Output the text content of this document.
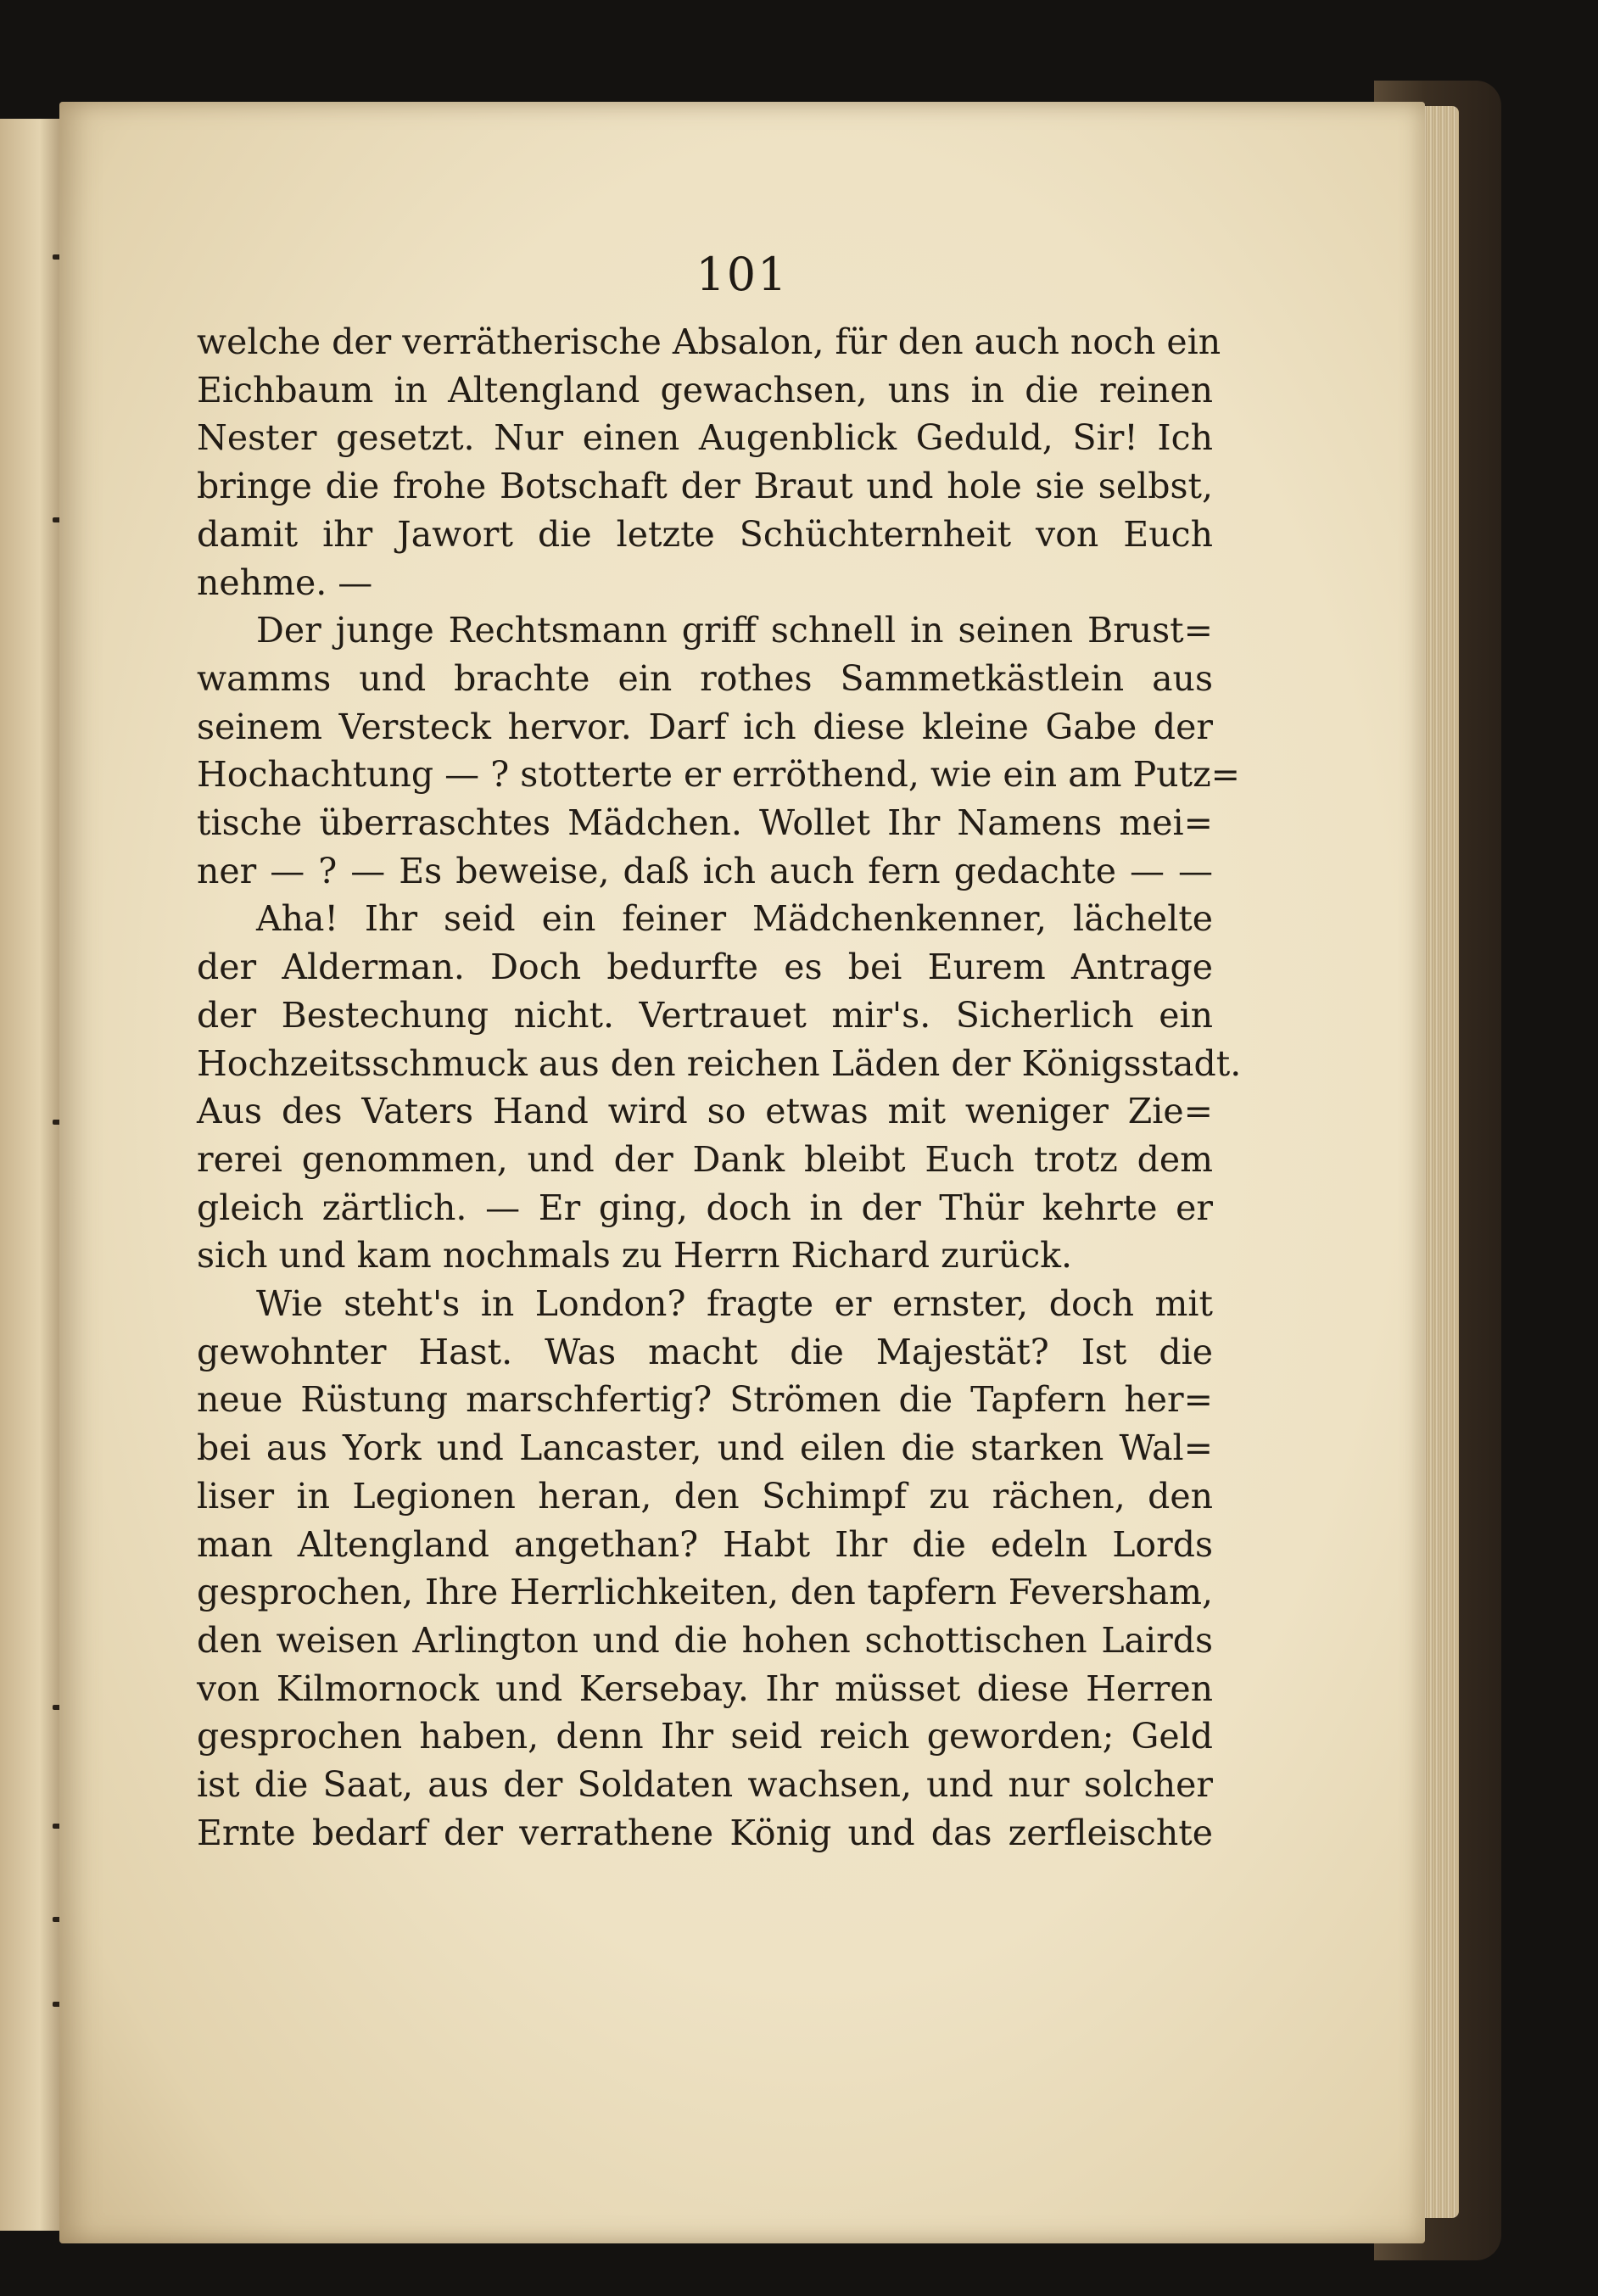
101
welche der verrätherische Absalon, für den auch noch ein
Eichbaum in Altengland gewachsen, uns in die reinen
Nester gesetzt. Nur einen Augenblick Geduld, Sir! Ich
bringe die frohe Botschaft der Braut und hole sie selbst,
damit ihr Jawort die letzte Schüchternheit von Euch
nehme. —
Der junge Rechtsmann griff schnell in seinen Brust=
wamms und brachte ein rothes Sammetkästlein aus
seinem Versteck hervor. Darf ich diese kleine Gabe der
Hochachtung — ? stotterte er erröthend, wie ein am Putz=
tische überraschtes Mädchen. Wollet Ihr Namens mei=
ner — ? — Es beweise, daß ich auch fern gedachte — —
Aha! Ihr seid ein feiner Mädchenkenner, lächelte
der Alderman. Doch bedurfte es bei Eurem Antrage
der Bestechung nicht. Vertrauet mir's. Sicherlich ein
Hochzeitsschmuck aus den reichen Läden der Königsstadt.
Aus des Vaters Hand wird so etwas mit weniger Zie=
rerei genommen, und der Dank bleibt Euch trotz dem
gleich zärtlich. — Er ging, doch in der Thür kehrte er
sich und kam nochmals zu Herrn Richard zurück.
Wie steht's in London? fragte er ernster, doch mit
gewohnter Hast. Was macht die Majestät? Ist die
neue Rüstung marschfertig? Strömen die Tapfern her=
bei aus York und Lancaster, und eilen die starken Wal=
liser in Legionen heran, den Schimpf zu rächen, den
man Altengland angethan? Habt Ihr die edeln Lords
gesprochen, Ihre Herrlichkeiten, den tapfern Feversham,
den weisen Arlington und die hohen schottischen Lairds
von Kilmornock und Kersebay. Ihr müsset diese Herren
gesprochen haben, denn Ihr seid reich geworden; Geld
ist die Saat, aus der Soldaten wachsen, und nur solcher
Ernte bedarf der verrathene König und das zerfleischte
